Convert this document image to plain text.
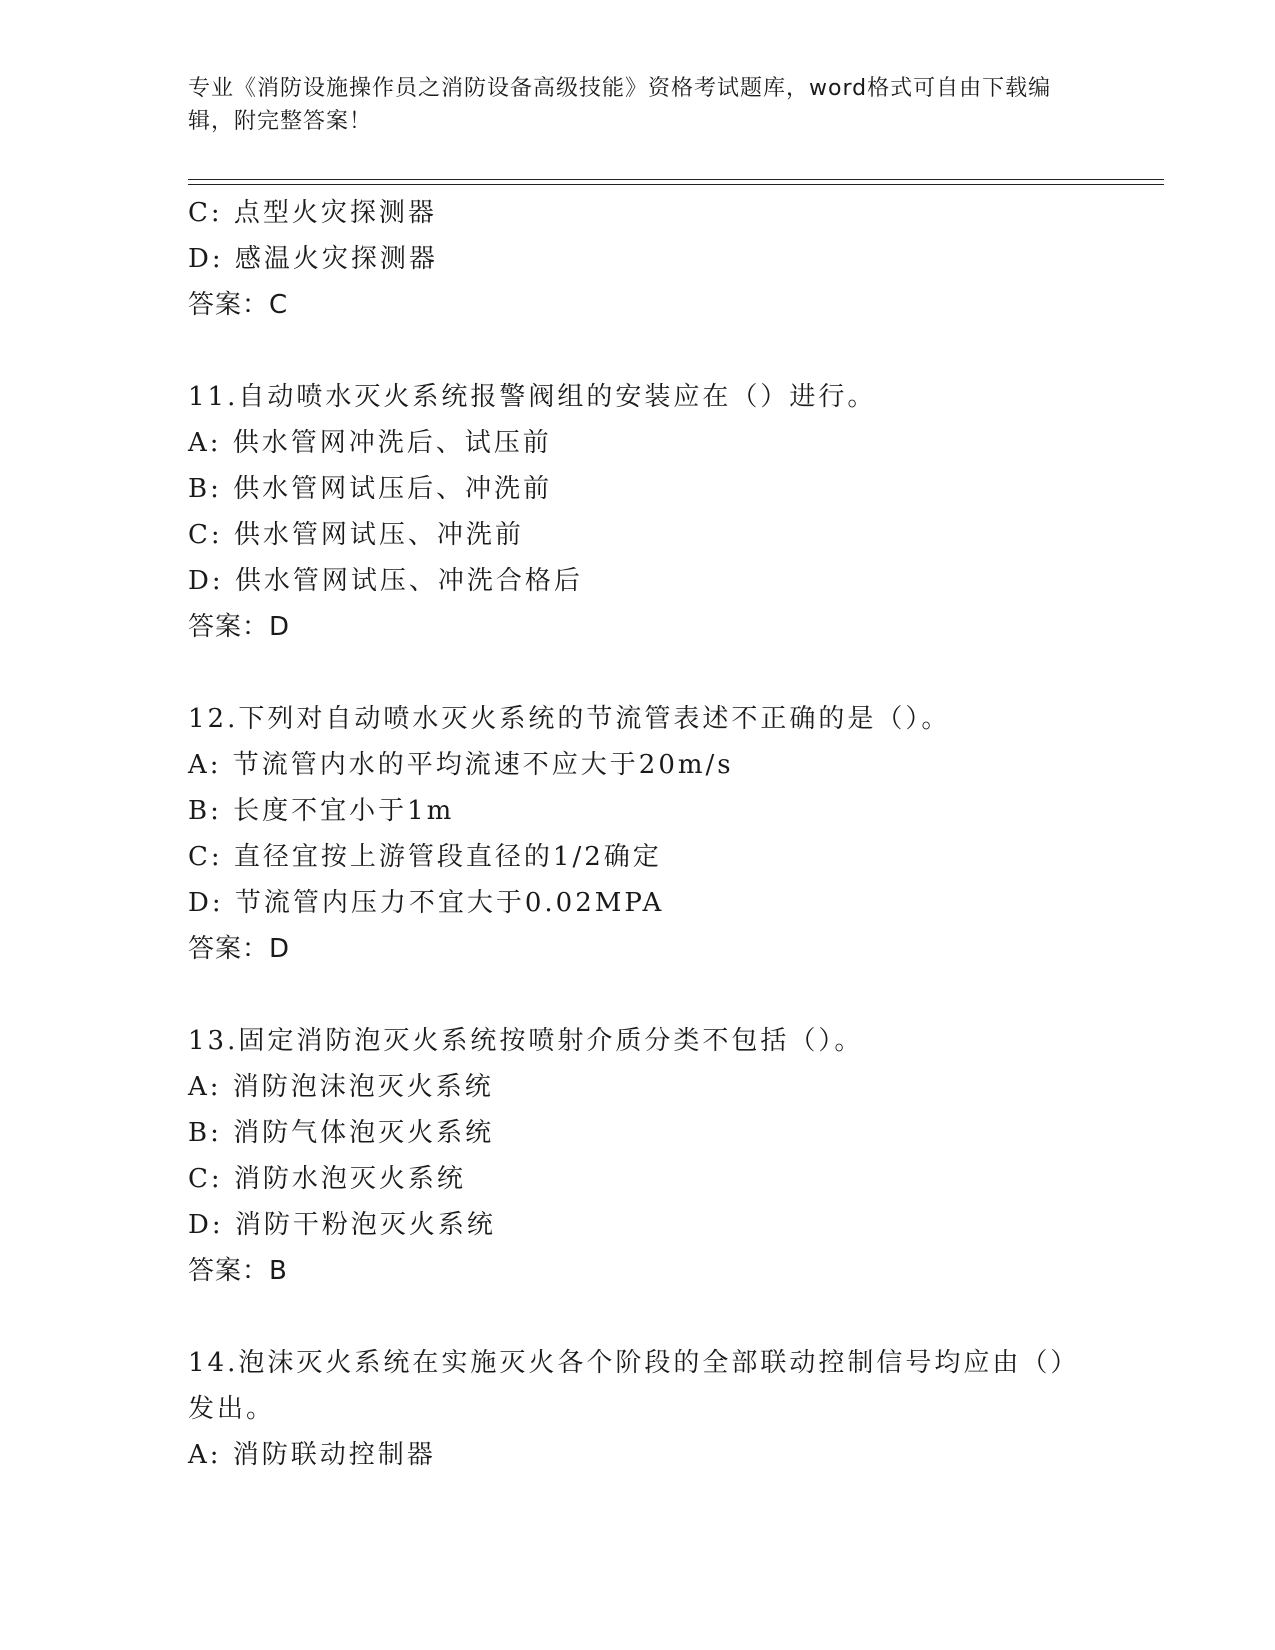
专业《消防设施操作员之消防设备高级技能》资格考试题库，word格式可自由下载编辑，附完整答案！
C: 点型火灾探测器
D: 感温火灾探测器
答案：C
11.自动喷水灭火系统报警阀组的安装应在（）进行。
A: 供水管网冲洗后、试压前
B: 供水管网试压后、冲洗前
C: 供水管网试压、冲洗前
D: 供水管网试压、冲洗合格后
答案：D
12.下列对自动喷水灭火系统的节流管表述不正确的是（）。
A: 节流管内水的平均流速不应大于20m/s
B: 长度不宜小于1m
C: 直径宜按上游管段直径的1/2确定
D: 节流管内压力不宜大于0.02MPA
答案：D
13.固定消防泡灭火系统按喷射介质分类不包括（）。
A: 消防泡沫泡灭火系统
B: 消防气体泡灭火系统
C: 消防水泡灭火系统
D: 消防干粉泡灭火系统
答案：B
14.泡沫灭火系统在实施灭火各个阶段的全部联动控制信号均应由（）发出。
A: 消防联动控制器
